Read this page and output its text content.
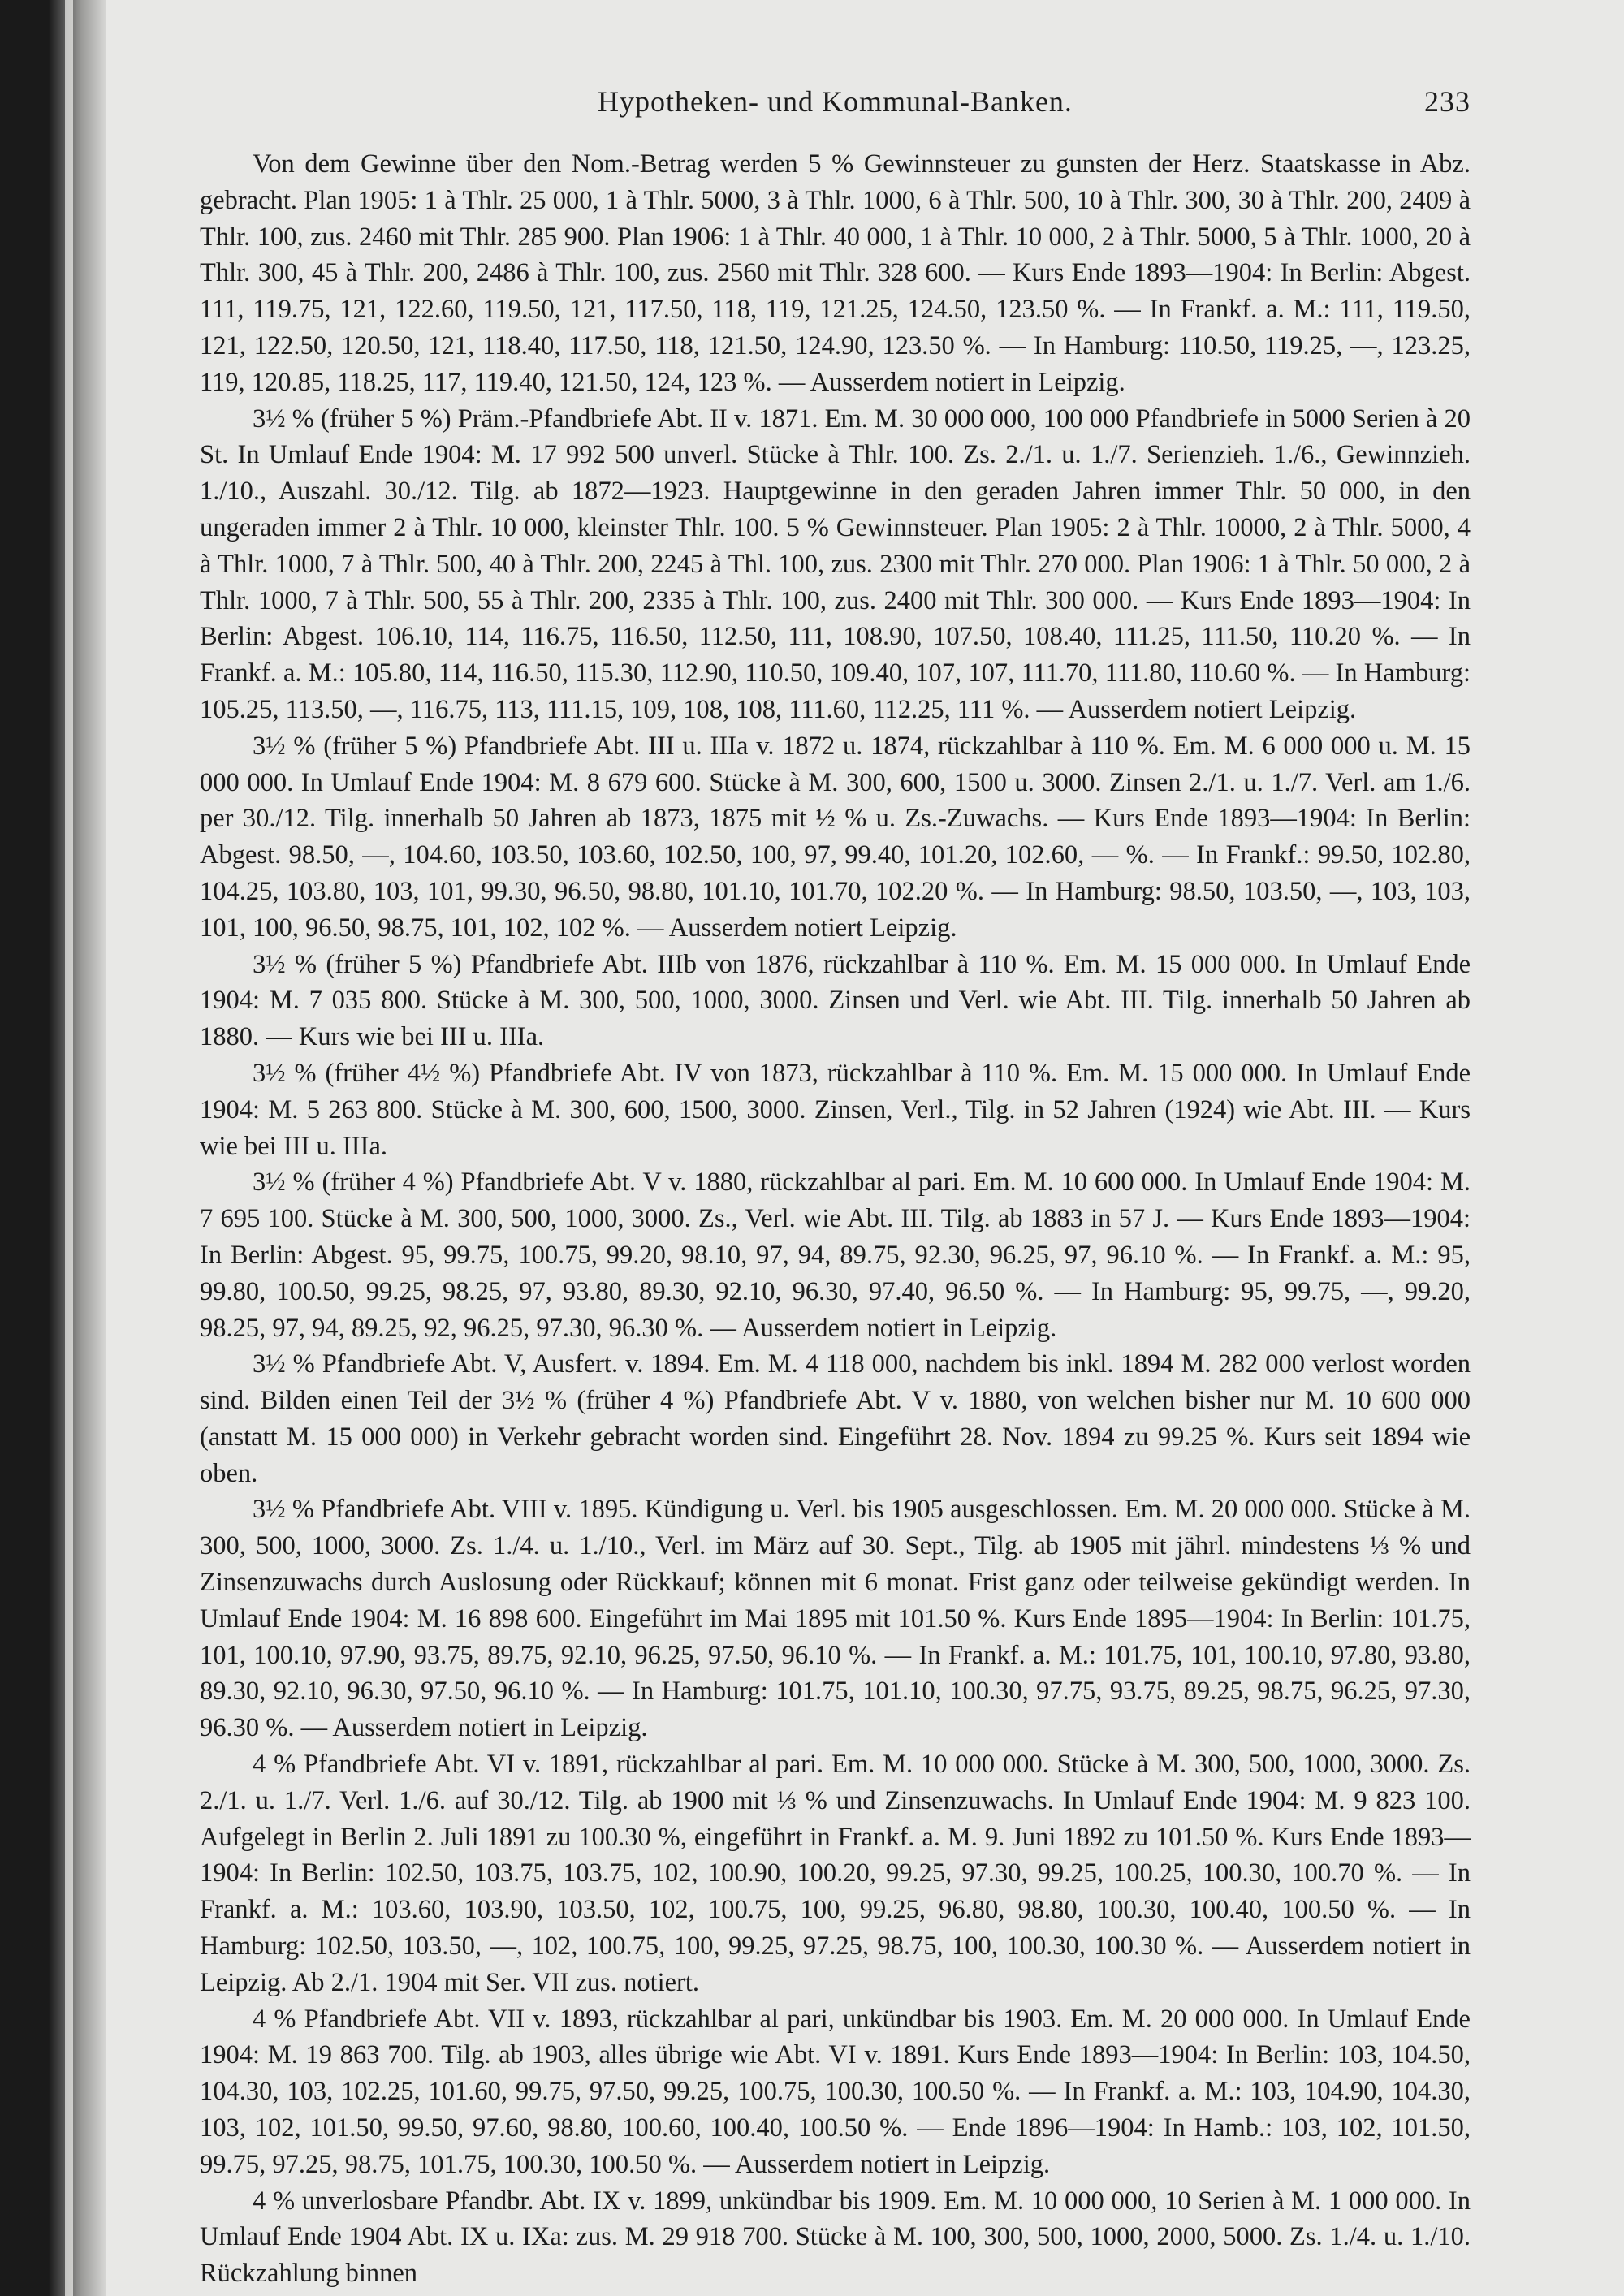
Hypotheken- und Kommunal-Banken.	233

Von dem Gewinne über den Nom.-Betrag werden 5 % Gewinnsteuer zu gunsten der Herz. Staatskasse in Abz. gebracht. Plan 1905: 1 à Thlr. 25 000, 1 à Thlr. 5000, 3 à Thlr. 1000, 6 à Thlr. 500, 10 à Thlr. 300, 30 à Thlr. 200, 2409 à Thlr. 100, zus. 2460 mit Thlr. 285 900. Plan 1906: 1 à Thlr. 40 000, 1 à Thlr. 10 000, 2 à Thlr. 5000, 5 à Thlr. 1000, 20 à Thlr. 300, 45 à Thlr. 200, 2486 à Thlr. 100, zus. 2560 mit Thlr. 328 600. — Kurs Ende 1893—1904: In Berlin: Abgest. 111, 119.75, 121, 122.60, 119.50, 121, 117.50, 118, 119, 121.25, 124.50, 123.50 %. — In Frankf. a. M.: 111, 119.50, 121, 122.50, 120.50, 121, 118.40, 117.50, 118, 121.50, 124.90, 123.50 %. — In Hamburg: 110.50, 119.25, —, 123.25, 119, 120.85, 118.25, 117, 119.40, 121.50, 124, 123 %. — Ausserdem notiert in Leipzig.

3½ % (früher 5 %) Präm.-Pfandbriefe Abt. II v. 1871. Em. M. 30 000 000, 100 000 Pfandbriefe in 5000 Serien à 20 St. In Umlauf Ende 1904: M. 17 992 500 unverl. Stücke à Thlr. 100. Zs. 2./1. u. 1./7. Serienzieh. 1./6., Gewinnzieh. 1./10., Auszahl. 30./12. Tilg. ab 1872—1923. Hauptgewinne in den geraden Jahren immer Thlr. 50 000, in den ungeraden immer 2 à Thlr. 10 000, kleinster Thlr. 100. 5 % Gewinnsteuer. Plan 1905: 2 à Thlr. 10000, 2 à Thlr. 5000, 4 à Thlr. 1000, 7 à Thlr. 500, 40 à Thlr. 200, 2245 à Thl. 100, zus. 2300 mit Thlr. 270 000. Plan 1906: 1 à Thlr. 50 000, 2 à Thlr. 1000, 7 à Thlr. 500, 55 à Thlr. 200, 2335 à Thlr. 100, zus. 2400 mit Thlr. 300 000. — Kurs Ende 1893—1904: In Berlin: Abgest. 106.10, 114, 116.75, 116.50, 112.50, 111, 108.90, 107.50, 108.40, 111.25, 111.50, 110.20 %. — In Frankf. a. M.: 105.80, 114, 116.50, 115.30, 112.90, 110.50, 109.40, 107, 107, 111.70, 111.80, 110.60 %. — In Hamburg: 105.25, 113.50, —, 116.75, 113, 111.15, 109, 108, 108, 111.60, 112.25, 111 %. — Ausserdem notiert Leipzig.

3½ % (früher 5 %) Pfandbriefe Abt. III u. IIIa v. 1872 u. 1874, rückzahlbar à 110 %. Em. M. 6 000 000 u. M. 15 000 000. In Umlauf Ende 1904: M. 8 679 600. Stücke à M. 300, 600, 1500 u. 3000. Zinsen 2./1. u. 1./7. Verl. am 1./6. per 30./12. Tilg. innerhalb 50 Jahren ab 1873, 1875 mit ½ % u. Zs.-Zuwachs. — Kurs Ende 1893—1904: In Berlin: Abgest. 98.50, —, 104.60, 103.50, 103.60, 102.50, 100, 97, 99.40, 101.20, 102.60, — %. — In Frankf.: 99.50, 102.80, 104.25, 103.80, 103, 101, 99.30, 96.50, 98.80, 101.10, 101.70, 102.20 %. — In Hamburg: 98.50, 103.50, —, 103, 103, 101, 100, 96.50, 98.75, 101, 102, 102 %. — Ausserdem notiert Leipzig.

3½ % (früher 5 %) Pfandbriefe Abt. IIIb von 1876, rückzahlbar à 110 %. Em. M. 15 000 000. In Umlauf Ende 1904: M. 7 035 800. Stücke à M. 300, 500, 1000, 3000. Zinsen und Verl. wie Abt. III. Tilg. innerhalb 50 Jahren ab 1880. — Kurs wie bei III u. IIIa.

3½ % (früher 4½ %) Pfandbriefe Abt. IV von 1873, rückzahlbar à 110 %. Em. M. 15 000 000. In Umlauf Ende 1904: M. 5 263 800. Stücke à M. 300, 600, 1500, 3000. Zinsen, Verl., Tilg. in 52 Jahren (1924) wie Abt. III. — Kurs wie bei III u. IIIa.

3½ % (früher 4 %) Pfandbriefe Abt. V v. 1880, rückzahlbar al pari. Em. M. 10 600 000. In Umlauf Ende 1904: M. 7 695 100. Stücke à M. 300, 500, 1000, 3000. Zs., Verl. wie Abt. III. Tilg. ab 1883 in 57 J. — Kurs Ende 1893—1904: In Berlin: Abgest. 95, 99.75, 100.75, 99.20, 98.10, 97, 94, 89.75, 92.30, 96.25, 97, 96.10 %. — In Frankf. a. M.: 95, 99.80, 100.50, 99.25, 98.25, 97, 93.80, 89.30, 92.10, 96.30, 97.40, 96.50 %. — In Hamburg: 95, 99.75, —, 99.20, 98.25, 97, 94, 89.25, 92, 96.25, 97.30, 96.30 %. — Ausserdem notiert in Leipzig.

3½ % Pfandbriefe Abt. V, Ausfert. v. 1894. Em. M. 4 118 000, nachdem bis inkl. 1894 M. 282 000 verlost worden sind. Bilden einen Teil der 3½ % (früher 4 %) Pfandbriefe Abt. V v. 1880, von welchen bisher nur M. 10 600 000 (anstatt M. 15 000 000) in Verkehr gebracht worden sind. Eingeführt 28. Nov. 1894 zu 99.25 %. Kurs seit 1894 wie oben.

3½ % Pfandbriefe Abt. VIII v. 1895. Kündigung u. Verl. bis 1905 ausgeschlossen. Em. M. 20 000 000. Stücke à M. 300, 500, 1000, 3000. Zs. 1./4. u. 1./10., Verl. im März auf 30. Sept., Tilg. ab 1905 mit jährl. mindestens ⅓ % und Zinsenzuwachs durch Auslosung oder Rückkauf; können mit 6 monat. Frist ganz oder teilweise gekündigt werden. In Umlauf Ende 1904: M. 16 898 600. Eingeführt im Mai 1895 mit 101.50 %. Kurs Ende 1895—1904: In Berlin: 101.75, 101, 100.10, 97.90, 93.75, 89.75, 92.10, 96.25, 97.50, 96.10 %. — In Frankf. a. M.: 101.75, 101, 100.10, 97.80, 93.80, 89.30, 92.10, 96.30, 97.50, 96.10 %. — In Hamburg: 101.75, 101.10, 100.30, 97.75, 93.75, 89.25, 98.75, 96.25, 97.30, 96.30 %. — Ausserdem notiert in Leipzig.

4 % Pfandbriefe Abt. VI v. 1891, rückzahlbar al pari. Em. M. 10 000 000. Stücke à M. 300, 500, 1000, 3000. Zs. 2./1. u. 1./7. Verl. 1./6. auf 30./12. Tilg. ab 1900 mit ⅓ % und Zinsenzuwachs. In Umlauf Ende 1904: M. 9 823 100. Aufgelegt in Berlin 2. Juli 1891 zu 100.30 %, eingeführt in Frankf. a. M. 9. Juni 1892 zu 101.50 %. Kurs Ende 1893—1904: In Berlin: 102.50, 103.75, 103.75, 102, 100.90, 100.20, 99.25, 97.30, 99.25, 100.25, 100.30, 100.70 %. — In Frankf. a. M.: 103.60, 103.90, 103.50, 102, 100.75, 100, 99.25, 96.80, 98.80, 100.30, 100.40, 100.50 %. — In Hamburg: 102.50, 103.50, —, 102, 100.75, 100, 99.25, 97.25, 98.75, 100, 100.30, 100.30 %. — Ausserdem notiert in Leipzig. Ab 2./1. 1904 mit Ser. VII zus. notiert.

4 % Pfandbriefe Abt. VII v. 1893, rückzahlbar al pari, unkündbar bis 1903. Em. M. 20 000 000. In Umlauf Ende 1904: M. 19 863 700. Tilg. ab 1903, alles übrige wie Abt. VI v. 1891. Kurs Ende 1893—1904: In Berlin: 103, 104.50, 104.30, 103, 102.25, 101.60, 99.75, 97.50, 99.25, 100.75, 100.30, 100.50 %. — In Frankf. a. M.: 103, 104.90, 104.30, 103, 102, 101.50, 99.50, 97.60, 98.80, 100.60, 100.40, 100.50 %. — Ende 1896—1904: In Hamb.: 103, 102, 101.50, 99.75, 97.25, 98.75, 101.75, 100.30, 100.50 %. — Ausserdem notiert in Leipzig.

4 % unverlosbare Pfandbr. Abt. IX v. 1899, unkündbar bis 1909. Em. M. 10 000 000, 10 Serien à M. 1 000 000. In Umlauf Ende 1904 Abt. IX u. IXa: zus. M. 29 918 700. Stücke à M. 100, 300, 500, 1000, 2000, 5000. Zs. 1./4. u. 1./10. Rückzahlung binnen
